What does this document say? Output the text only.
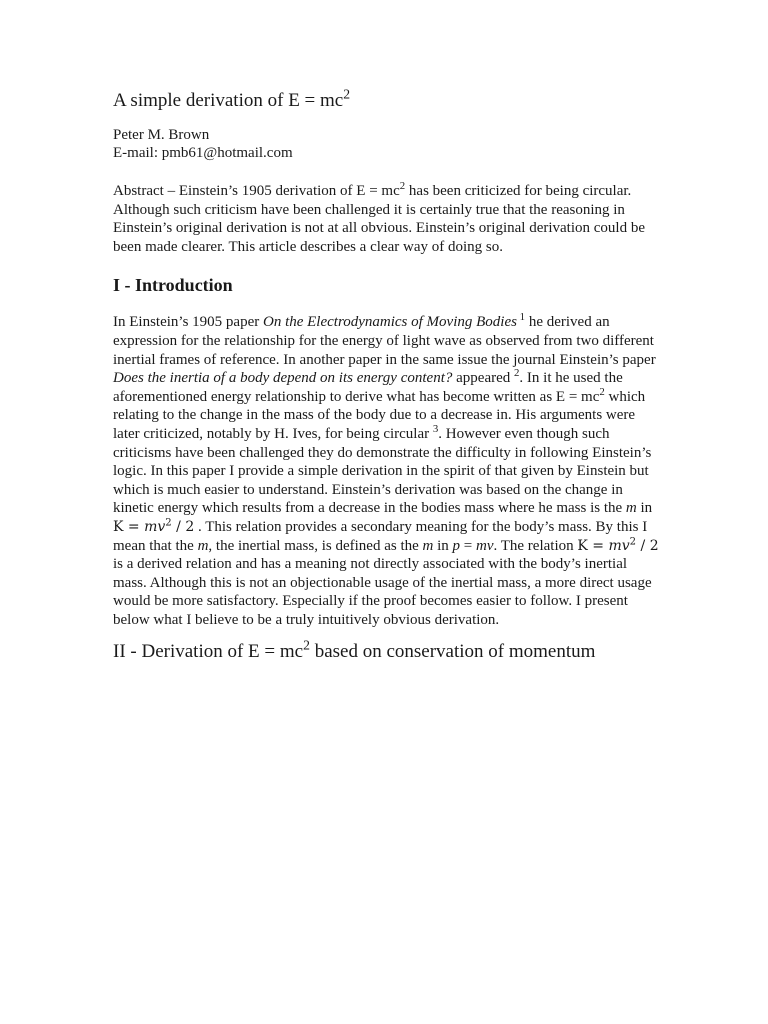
A simple derivation of $E = mc^2$
Peter M. Brown
E-mail: pmb61@hotmail.com

Abstract – Einstein’s 1905 derivation of $E = mc^2$ has been criticized for being circular. Although such criticism have been challenged it is certainly true that the reasoning in Einstein’s original derivation is not at all obvious. Einstein’s original derivation could be been made clearer. This article describes a clear way of doing so.

I - Introduction

In Einstein’s 1905 paper On the Electrodynamics of Moving Bodies $^1$ he derived an expression for the relationship for the energy of light wave as observed from two different inertial frames of reference. In another paper in the same issue the journal Einstein’s paper Does the inertia of a body depend on its energy content? appeared $^2$. In it he used the aforementioned energy relationship to derive what has become written as $E = mc^2$ which relating to the change in the mass of the body due to a decrease in. His arguments were later criticized, notably by H. Ives, for being circular $^3$. However even though such criticisms have been challenged they do demonstrate the difficulty in following Einstein’s logic. In this paper I provide a simple derivation in the spirit of that given by Einstein but which is much easier to understand. Einstein’s derivation was based on the change in kinetic energy which results from a decrease in the bodies mass where he mass is the m in $K = mv^2 / 2$ . This relation provides a secondary meaning for the body’s mass. By this I mean that the m, the inertial mass, is defined as the m in p = mv. The relation $K = mv^2 / 2$ is a derived relation and has a meaning not directly associated with the body’s inertial mass. Although this is not an objectionable usage of the inertial mass, a more direct usage would be more satisfactory. Especially if the proof becomes easier to follow. I present below what I believe to be a truly intuitively obvious derivation.

II - Derivation of $E = mc^2$ based on conservation of momentum
